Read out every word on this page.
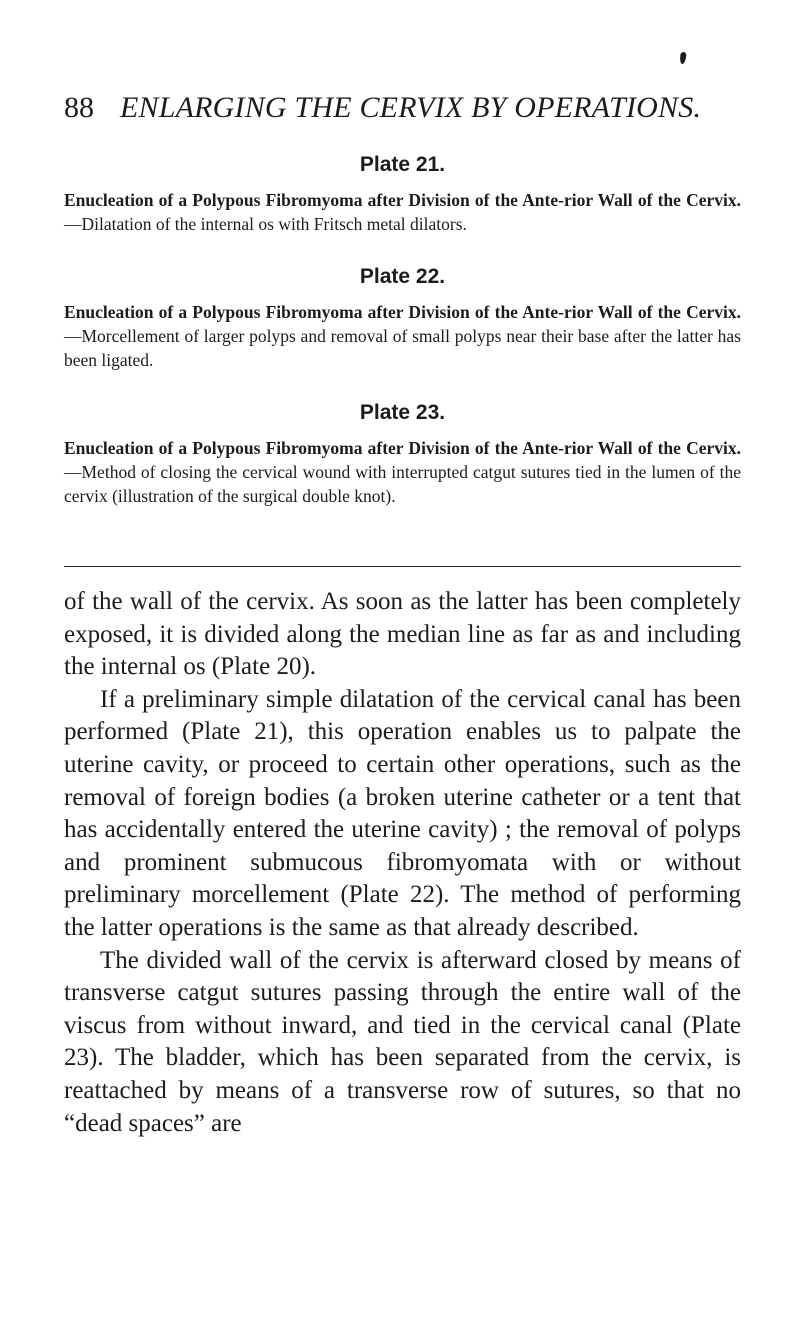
88 ENLARGING THE CERVIX BY OPERATIONS.
Plate 21.
Enucleation of a Polypous Fibromyoma after Division of the Ante-rior Wall of the Cervix.—Dilatation of the internal os with Fritsch metal dilators.
Plate 22.
Enucleation of a Polypous Fibromyoma after Division of the Ante-rior Wall of the Cervix.—Morcellement of larger polyps and removal of small polyps near their base after the latter has been ligated.
Plate 23.
Enucleation of a Polypous Fibromyoma after Division of the Ante-rior Wall of the Cervix.—Method of closing the cervical wound with interrupted catgut sutures tied in the lumen of the cervix (illustration of the surgical double knot).

of the wall of the cervix. As soon as the latter has been completely exposed, it is divided along the median line as far as and including the internal os (Plate 20).

If a preliminary simple dilatation of the cervical canal has been performed (Plate 21), this operation enables us to palpate the uterine cavity, or proceed to certain other operations, such as the removal of foreign bodies (a broken uterine catheter or a tent that has accidentally entered the uterine cavity) ; the removal of polyps and prominent submucous fibromyomata with or without preliminary morcellement (Plate 22). The method of performing the latter operations is the same as that already described.

The divided wall of the cervix is afterward closed by means of transverse catgut sutures passing through the entire wall of the viscus from without inward, and tied in the cervical canal (Plate 23). The bladder, which has been separated from the cervix, is reattached by means of a transverse row of sutures, so that no “dead spaces” are
